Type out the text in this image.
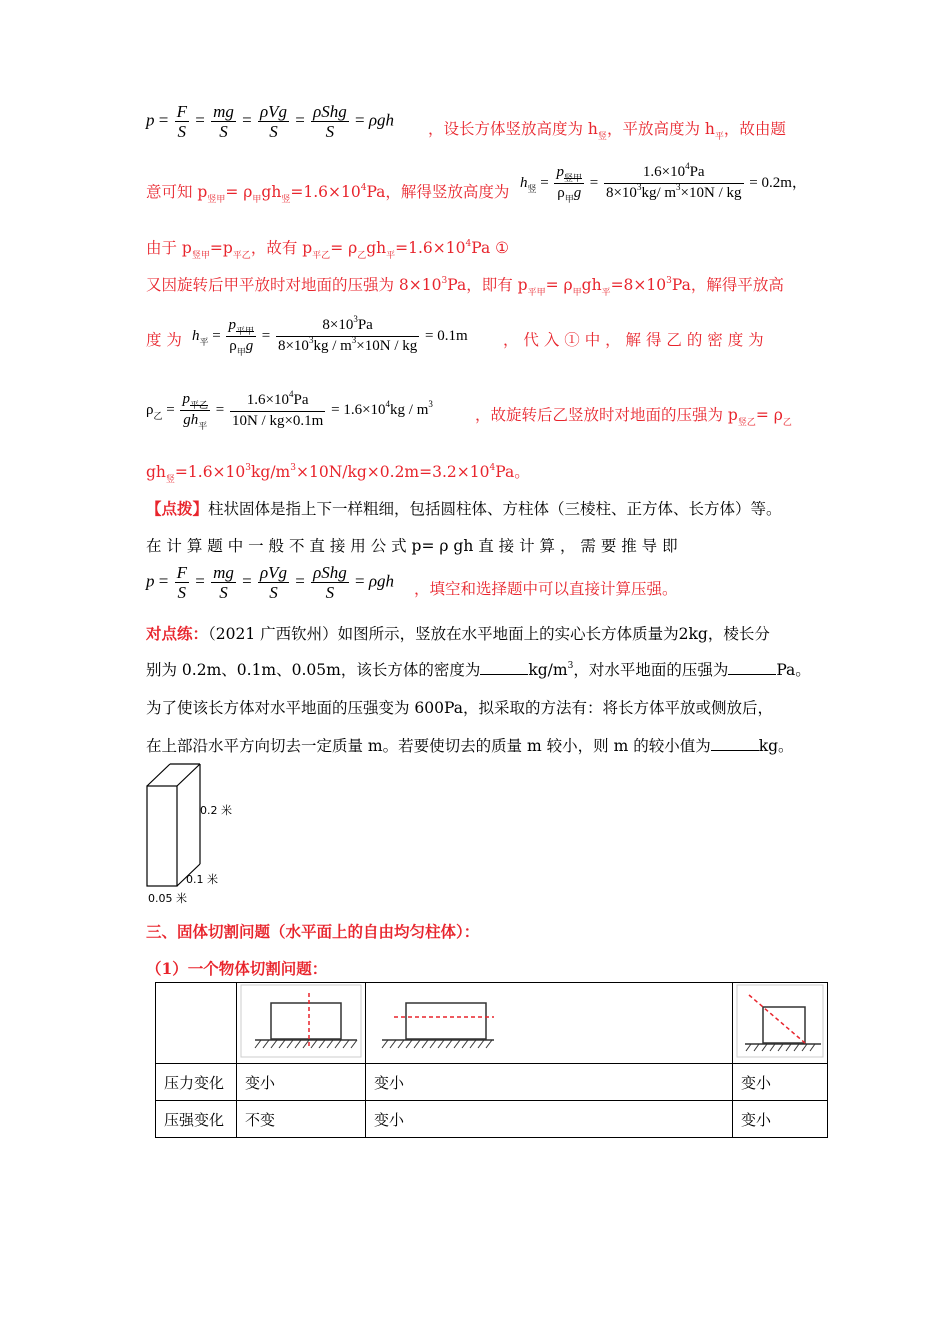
$p = \frac{F}{S} = \frac{mg}{S} = \frac{\text{ρVg}}{S} = \frac{\text{ρShg}}{S} = \rho gh$ ，设长方体竖放高度为 $h_竖$，平放高度为 $h_平$，故由题
意可知 $p_{竖甲}= \rho_甲gh_竖=1.6\times 10^4Pa$，解得竖放高度为
$h_竖 = \frac{p_{竖甲}}{\rho_甲g} = \frac{1.6\times 10^4Pa}{8\times 10^3kg/ m^3\times 10N / kg} = 0.2m$，
由于 $p_{竖甲}=p_{平乙}$，故有 $p_{平乙}= \rho_乙gh_平=1.6\times 10^4Pa$ ①
又因旋转后甲平放时对地面的压强为 $8\times 10^3Pa$，即有 $p_{平甲}= \rho_甲gh_平=8\times 10^3Pa$，解得平放高
度 为 $h_平 = \frac{p_{平甲}}{\rho_甲g} = \frac{8\times 10^3Pa}{8\times 10^3kg / m^3\times 10N / kg} = 0.1m$ ， 代 入 ① 中 ， 解 得 乙 的 密 度 为
$\rho_乙 = \frac{p_{平乙}}{gh_平} = \frac{1.6\times 10^4Pa}{10N / kg\times 0.1m} = 1.6\times 10^4kg / m^3$
，故旋转后乙竖放时对地面的压强为 $p_{竖乙}= \rho_乙$
$gh_竖=1.6\times 10^3kg/m^3\times 10N/kg\times 0.2m=3.2\times 10^4Pa$。
【点拨】柱状固体是指上下一样粗细，包括圆柱体、方柱体（三棱柱、正方体、长方体）等。
在 计 算 题 中 一 般 不 直 接 用 公 式 p= ρ gh 直 接 计 算 ， 需 要 推 导 即
$p = \frac{F}{S} = \frac{mg}{S} = \frac{\text{ρVg}}{S} = \frac{\text{ρShg}}{S} = \rho gh$ ，填空和选择题中可以直接计算压强。
对点练：（2021 广西钦州）如图所示，竖放在水平地面上的实心长方体质量为2kg，棱长分
别为 0.2m、0.1m、0.05m，该长方体的密度为	$kg/m^3$，对水平地面的压强为	Pa。
为了使该长方体对水平地面的压强变为 600Pa，拟采取的方法有：将长方体平放或侧放后，
在上部沿水平方向切去一定质量 m。若要使切去的质量 m 较小，则 m 的较小值为	kg。
0.2 米
0.1 米
0.05 米
三、固体切割问题（水平面上的自由均匀柱体）：
（1）一个物体切割问题：

压力变化	变小	变小	变小
压强变化	不变	变小	变小
